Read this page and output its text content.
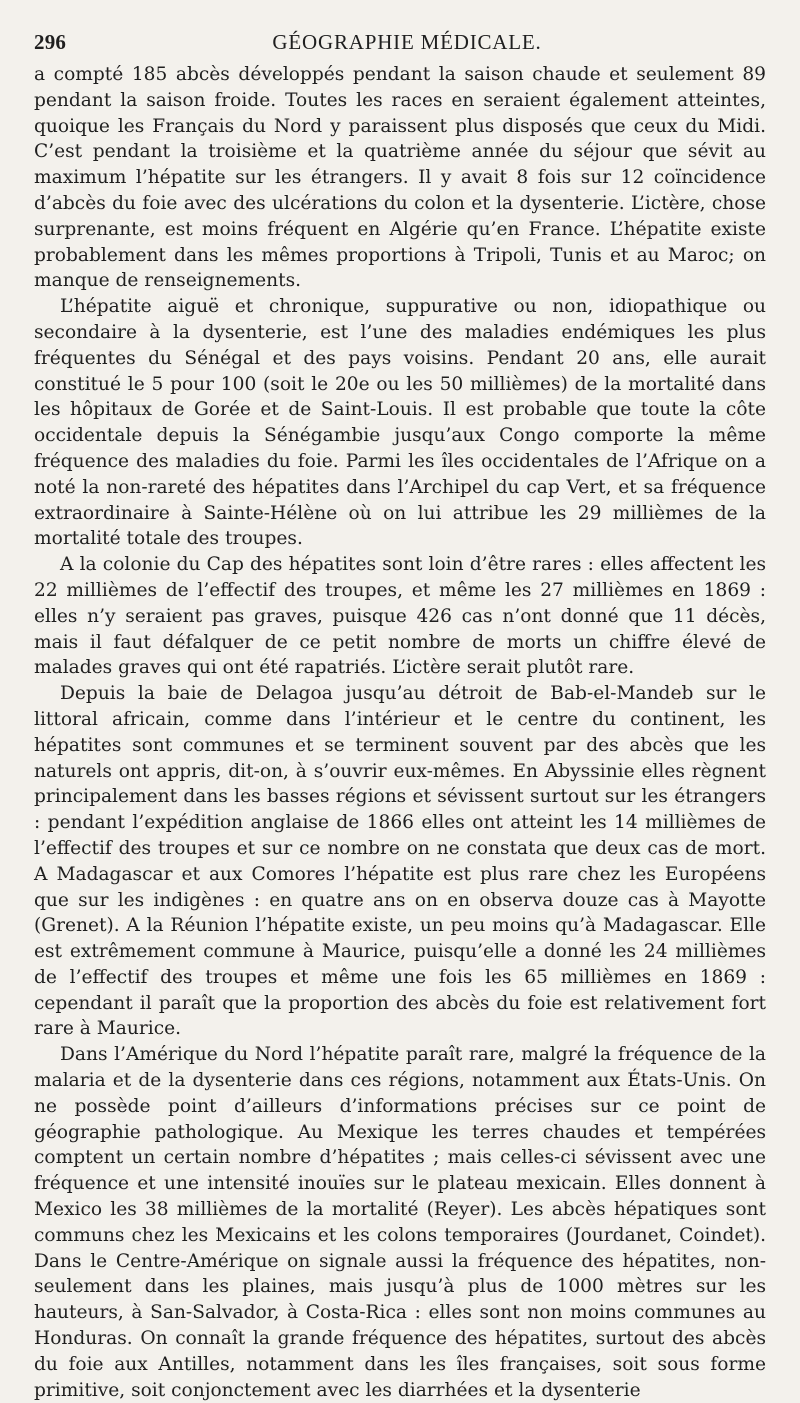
296	GÉOGRAPHIE MÉDICALE.

a compté 185 abcès développés pendant la saison chaude et seulement 89 pendant la saison froide. Toutes les races en seraient également atteintes, quoique les Français du Nord y paraissent plus disposés que ceux du Midi. C’est pendant la troisième et la quatrième année du séjour que sévit au maximum l’hépatite sur les étrangers. Il y avait 8 fois sur 12 coïncidence d’abcès du foie avec des ulcérations du colon et la dysenterie. L’ictère, chose surprenante, est moins fréquent en Algérie qu’en France. L’hépatite existe probablement dans les mêmes proportions à Tripoli, Tunis et au Maroc; on manque de renseignements.

L’hépatite aiguë et chronique, suppurative ou non, idiopathique ou secondaire à la dysenterie, est l’une des maladies endémiques les plus fréquentes du Sénégal et des pays voisins. Pendant 20 ans, elle aurait constitué le 5 pour 100 (soit le 20e ou les 50 millièmes) de la mortalité dans les hôpitaux de Gorée et de Saint-Louis. Il est probable que toute la côte occidentale depuis la Sénégambie jusqu’aux Congo comporte la même fréquence des maladies du foie. Parmi les îles occidentales de l’Afrique on a noté la non-rareté des hépatites dans l’Archipel du cap Vert, et sa fréquence extraordinaire à Sainte-Hélène où on lui attribue les 29 millièmes de la mortalité totale des troupes.

A la colonie du Cap des hépatites sont loin d’être rares : elles affectent les 22 millièmes de l’effectif des troupes, et même les 27 millièmes en 1869 : elles n’y seraient pas graves, puisque 426 cas n’ont donné que 11 décès, mais il faut défalquer de ce petit nombre de morts un chiffre élevé de malades graves qui ont été rapatriés. L’ictère serait plutôt rare.

Depuis la baie de Delagoa jusqu’au détroit de Bab-el-Mandeb sur le littoral africain, comme dans l’intérieur et le centre du continent, les hépatites sont communes et se terminent souvent par des abcès que les naturels ont appris, dit-on, à s’ouvrir eux-mêmes. En Abyssinie elles règnent principalement dans les basses régions et sévissent surtout sur les étrangers : pendant l’expédition anglaise de 1866 elles ont atteint les 14 millièmes de l’effectif des troupes et sur ce nombre on ne constata que deux cas de mort. A Madagascar et aux Comores l’hépatite est plus rare chez les Européens que sur les indigènes : en quatre ans on en observa douze cas à Mayotte (Grenet). A la Réunion l’hépatite existe, un peu moins qu’à Madagascar. Elle est extrêmement commune à Maurice, puisqu’elle a donné les 24 millièmes de l’effectif des troupes et même une fois les 65 millièmes en 1869 : cependant il paraît que la proportion des abcès du foie est relativement fort rare à Maurice.

Dans l’Amérique du Nord l’hépatite paraît rare, malgré la fréquence de la malaria et de la dysenterie dans ces régions, notamment aux États-Unis. On ne possède point d’ailleurs d’informations précises sur ce point de géographie pathologique. Au Mexique les terres chaudes et tempérées comptent un certain nombre d’hépatites ; mais celles-ci sévissent avec une fréquence et une intensité inouïes sur le plateau mexicain. Elles donnent à Mexico les 38 millièmes de la mortalité (Reyer). Les abcès hépatiques sont communs chez les Mexicains et les colons temporaires (Jourdanet, Coindet). Dans le Centre-Amérique on signale aussi la fréquence des hépatites, non-seulement dans les plaines, mais jusqu’à plus de 1000 mètres sur les hauteurs, à San-Salvador, à Costa-Rica : elles sont non moins communes au Honduras. On connaît la grande fréquence des hépatites, surtout des abcès du foie aux Antilles, notamment dans les îles françaises, soit sous forme primitive, soit conjonctement avec les diarrhées et la dysenterie
